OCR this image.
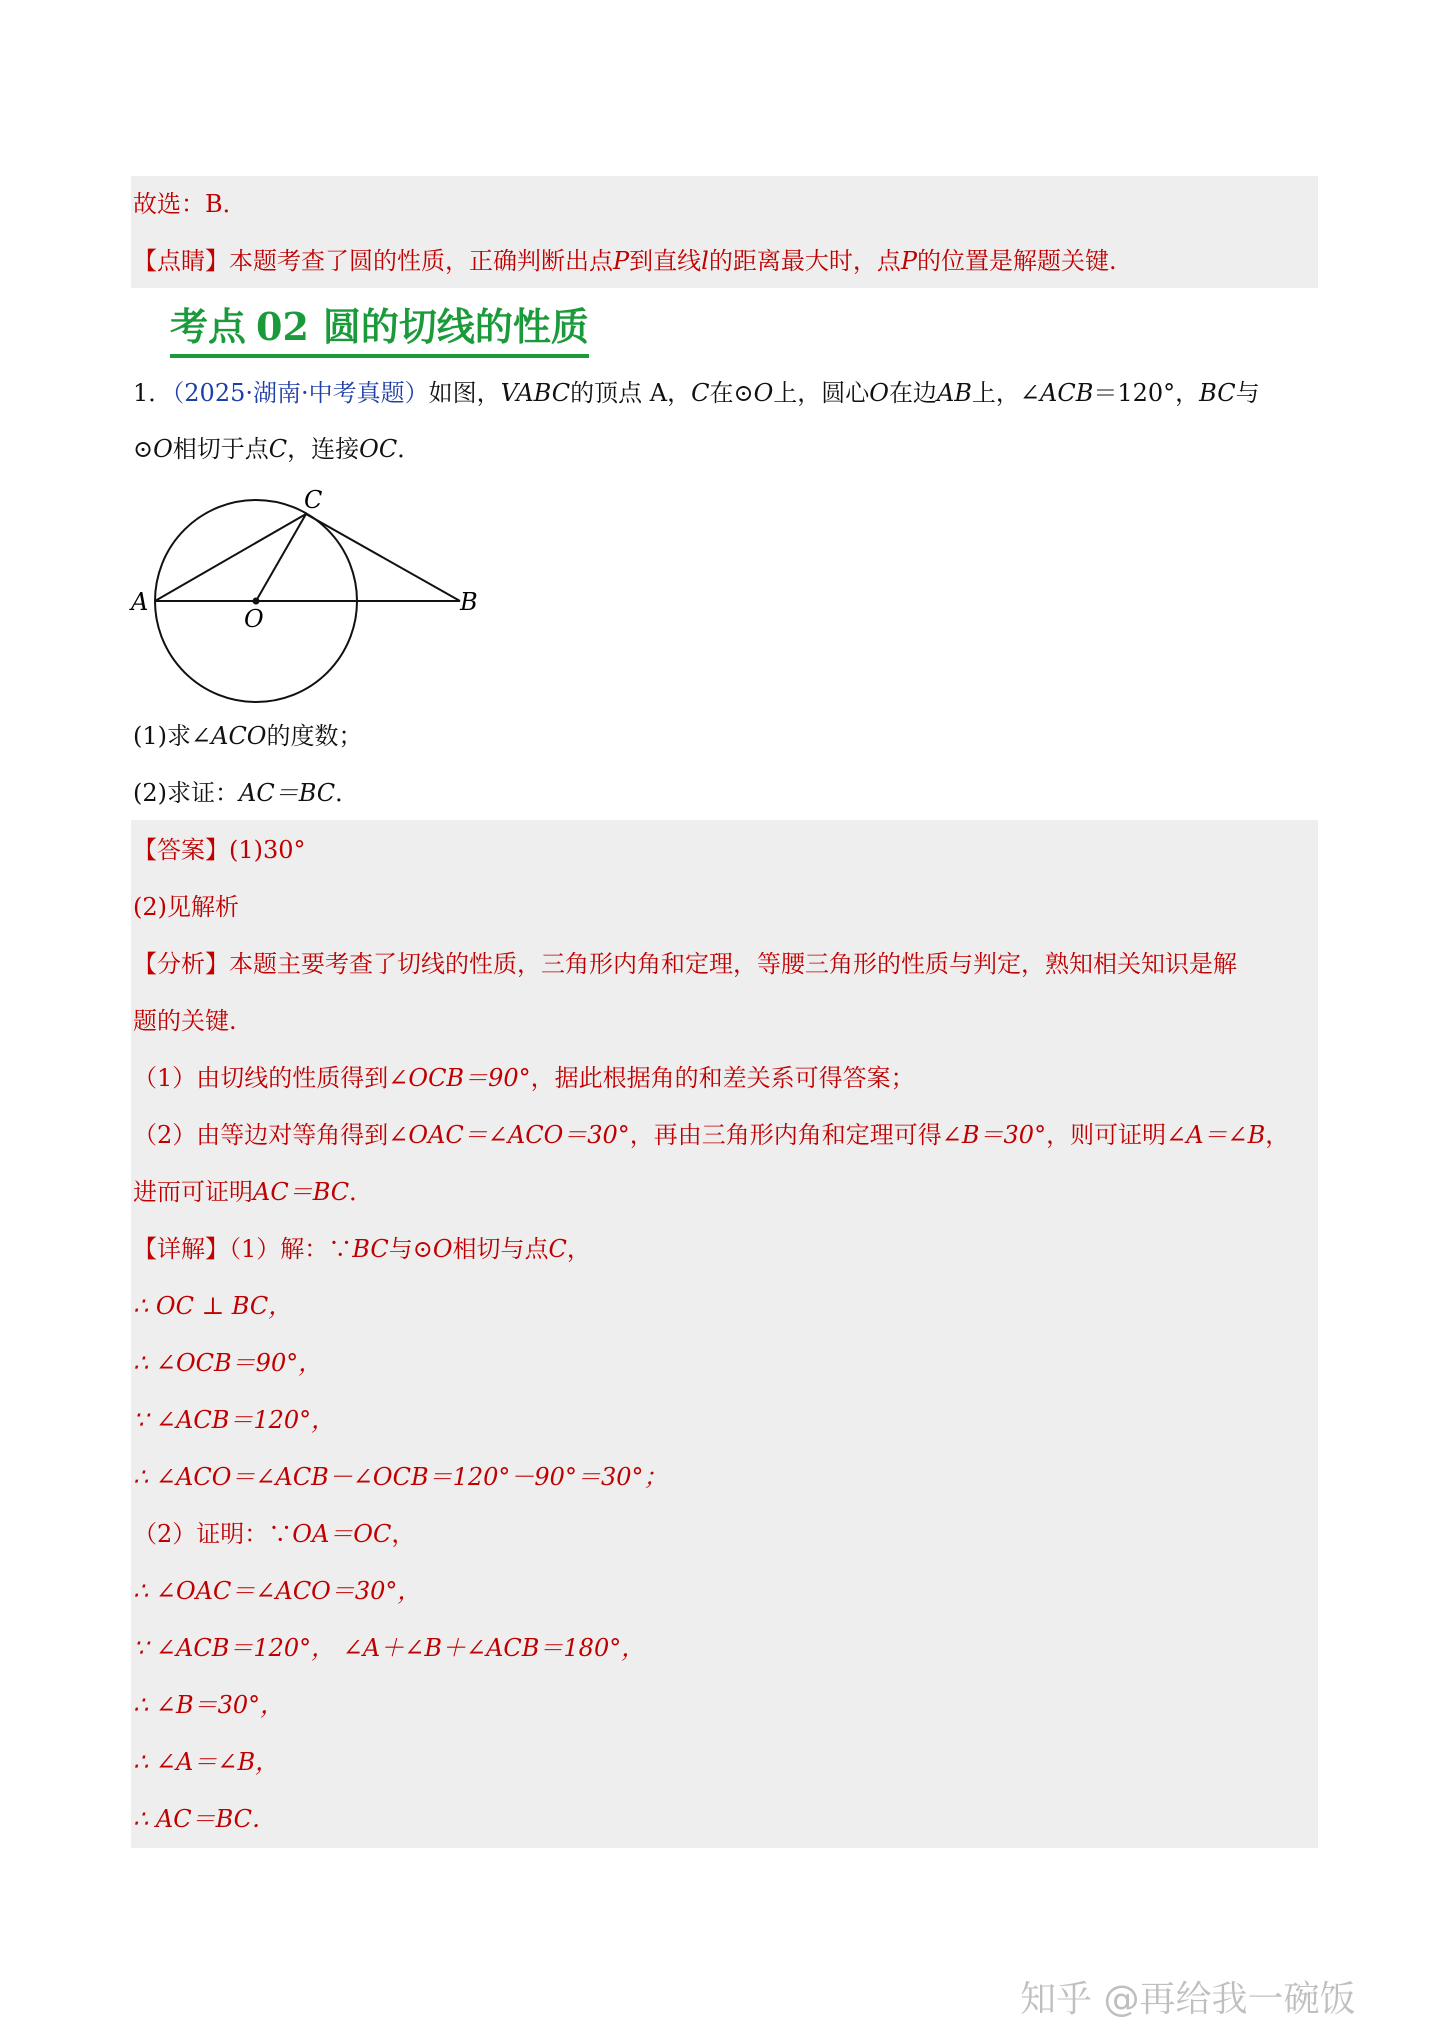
故选：B．
【点睛】本题考查了圆的性质，正确判断出点P到直线l的距离最大时，点P的位置是解题关键.
考点 02 圆的切线的性质
1．（2025·湖南·中考真题）如图，VABC的顶点 A，C在⊙O上，圆心O在边AB上，∠ACB＝120°，BC与
⊙O相切于点C，连接OC．
A	B
C
O
(1)求∠ACO的度数；
(2)求证：AC＝BC．
【答案】(1)30°
(2)见解析
【分析】本题主要考查了切线的性质，三角形内角和定理，等腰三角形的性质与判定，熟知相关知识是解
题的关键.
（1）由切线的性质得到∠OCB＝90°，据此根据角的和差关系可得答案；
（2）由等边对等角得到∠OAC＝∠ACO＝30°，再由三角形内角和定理可得∠B＝30°，则可证明∠A＝∠B，
进而可证明AC＝BC．
【详解】（1）解：∵BC与⊙O相切与点C，
∴ OC ⊥ BC，
∴ ∠OCB＝90°，
∵ ∠ACB＝120°，
∴ ∠ACO＝∠ACB－∠OCB＝120°－90°＝30°；
（2）证明：∵OA＝OC，
∴ ∠OAC＝∠ACO＝30°，
∵ ∠ACB＝120°， ∠A＋∠B＋∠ACB＝180°，
∴ ∠B＝30°，
∴ ∠A＝∠B，
∴ AC＝BC．
知乎 @再给我一碗饭
